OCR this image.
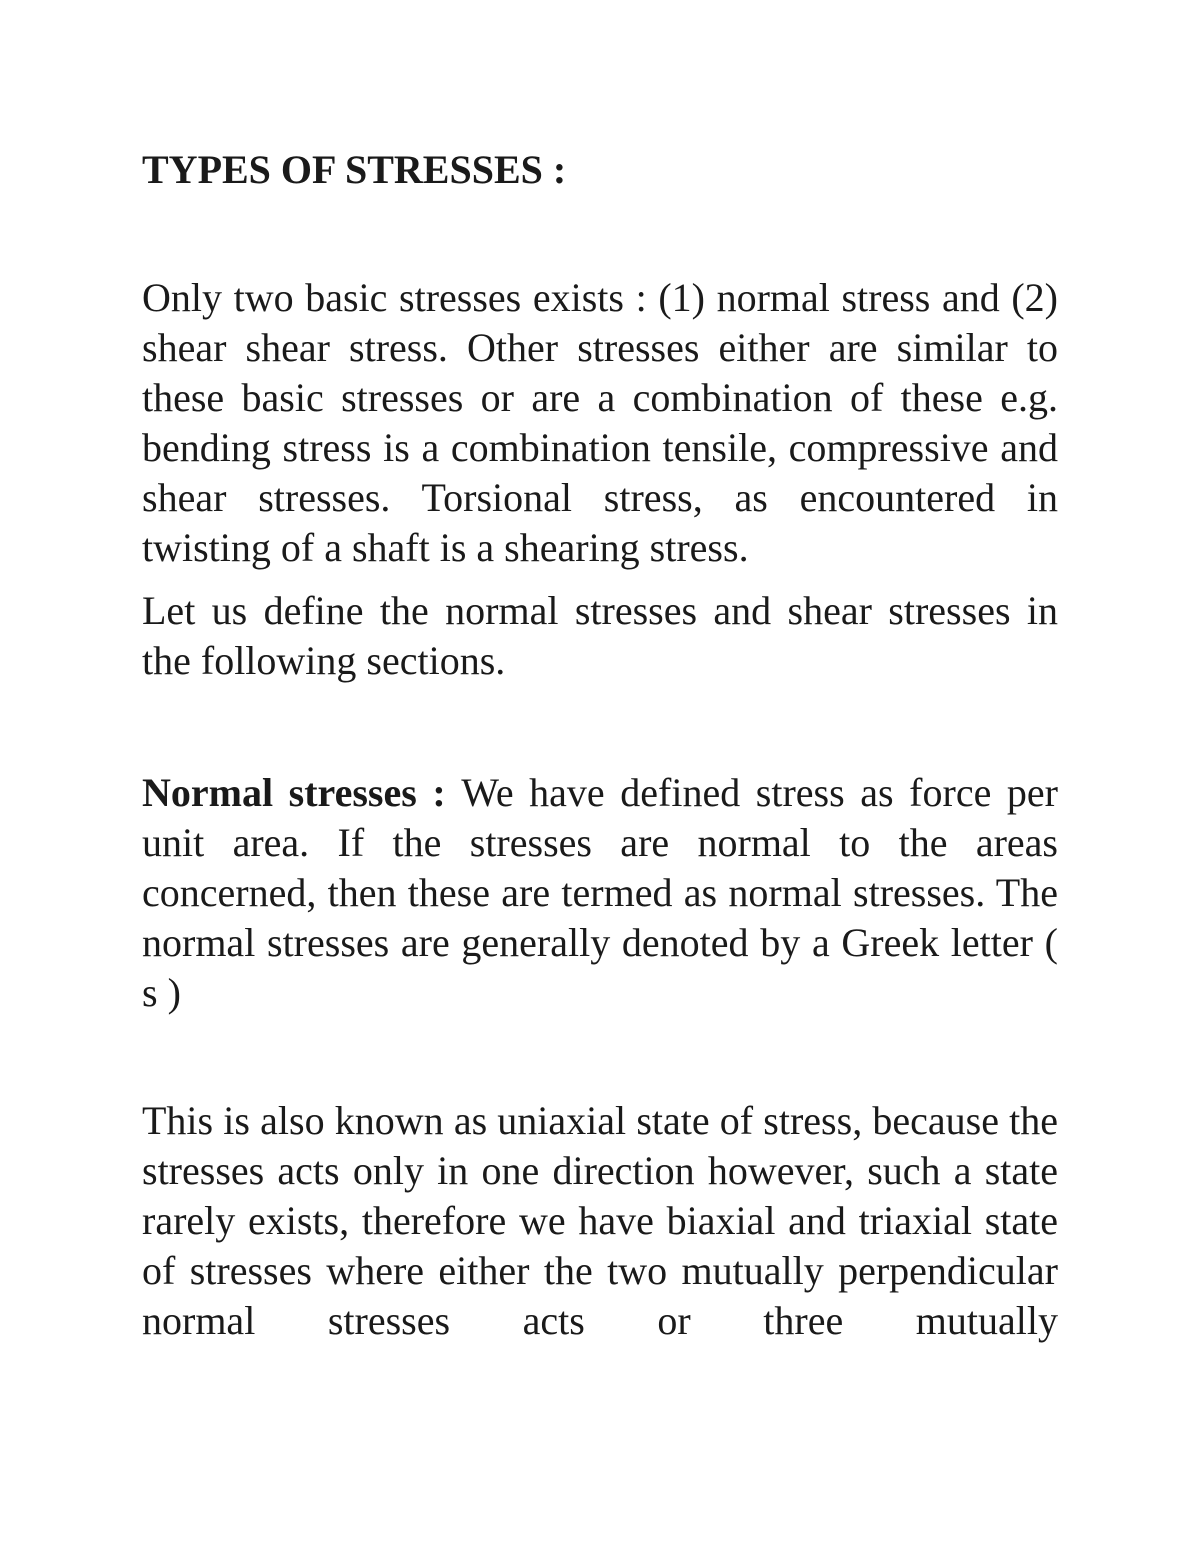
TYPES OF STRESSES :

Only two basic stresses exists : (1) normal stress and (2) shear shear stress. Other stresses either are similar to these basic stresses or are a combination of these e.g. bending stress is a combination tensile, compressive and shear stresses. Torsional stress, as encountered in twisting of a shaft is a shearing stress.

Let us define the normal stresses and shear stresses in the following sections.

Normal stresses : We have defined stress as force per unit area. If the stresses are normal to the areas concerned, then these are termed as normal stresses. The normal stresses are generally denoted by a Greek letter ( s )

This is also known as uniaxial state of stress, because the stresses acts only in one direction however, such a state rarely exists, therefore we have biaxial and triaxial state of stresses where either the two mutually perpendicular normal stresses acts or three mutually
